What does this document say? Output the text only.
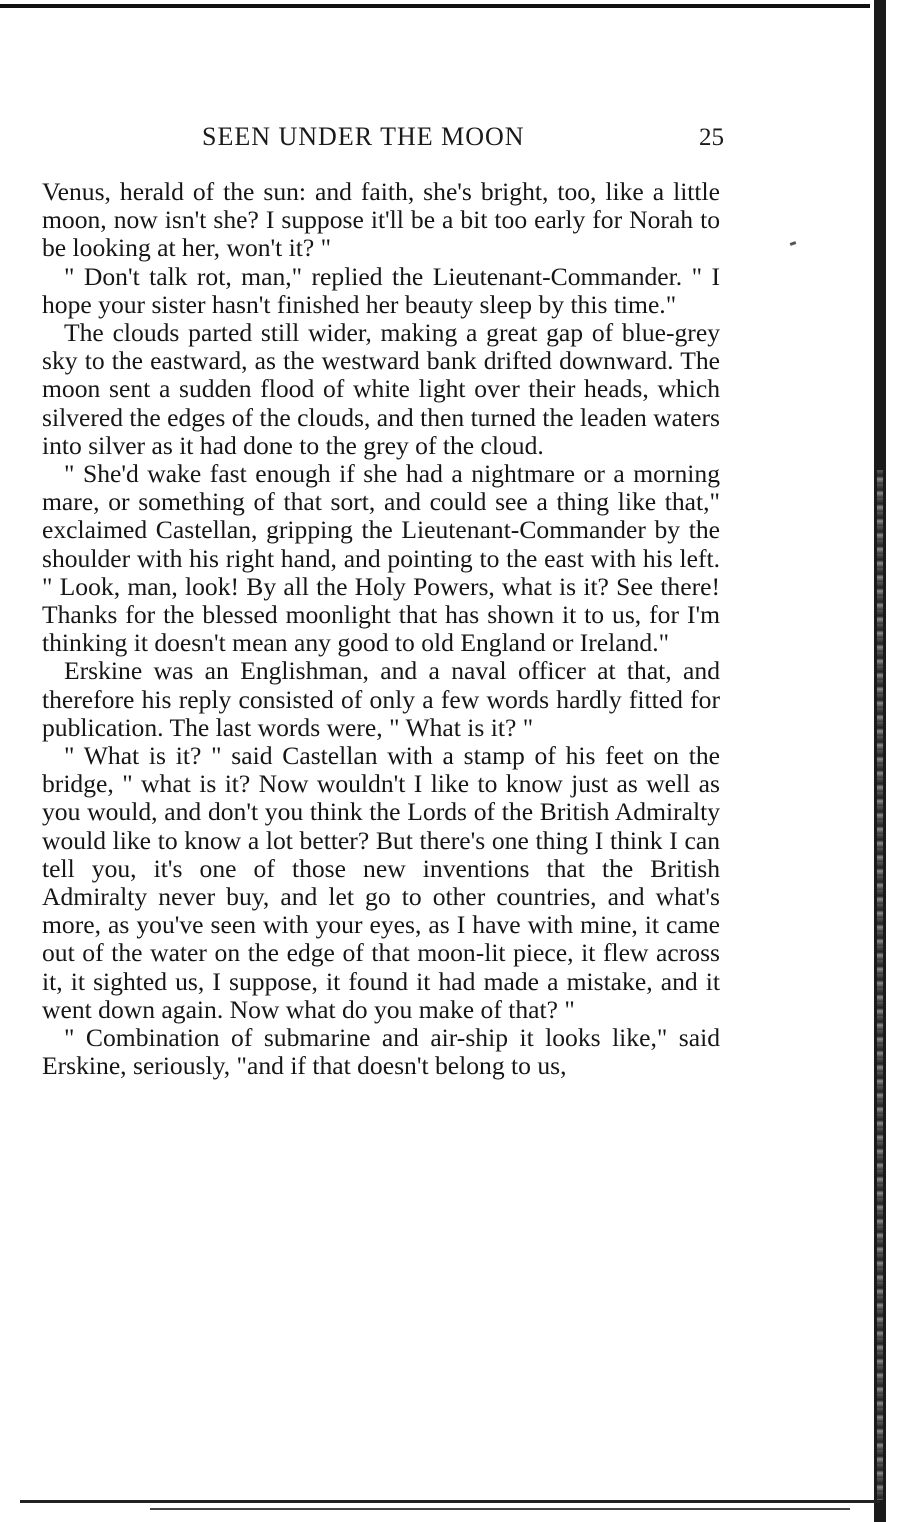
SEEN UNDER THE MOON	25

Venus, herald of the sun: and faith, she's bright, too, like a little moon, now isn't she? I suppose it'll be a bit too early for Norah to be looking at her, won't it? "

" Don't talk rot, man," replied the Lieutenant-Commander. " I hope your sister hasn't finished her beauty sleep by this time."

The clouds parted still wider, making a great gap of blue-grey sky to the eastward, as the westward bank drifted downward. The moon sent a sudden flood of white light over their heads, which silvered the edges of the clouds, and then turned the leaden waters into silver as it had done to the grey of the cloud.

" She'd wake fast enough if she had a nightmare or a morning mare, or something of that sort, and could see a thing like that," exclaimed Castellan, gripping the Lieutenant-Commander by the shoulder with his right hand, and pointing to the east with his left. " Look, man, look! By all the Holy Powers, what is it? See there! Thanks for the blessed moonlight that has shown it to us, for I'm thinking it doesn't mean any good to old England or Ireland."

Erskine was an Englishman, and a naval officer at that, and therefore his reply consisted of only a few words hardly fitted for publication. The last words were, " What is it? "

" What is it? " said Castellan with a stamp of his feet on the bridge, " what is it? Now wouldn't I like to know just as well as you would, and don't you think the Lords of the British Admiralty would like to know a lot better? But there's one thing I think I can tell you, it's one of those new inventions that the British Admiralty never buy, and let go to other countries, and what's more, as you've seen with your eyes, as I have with mine, it came out of the water on the edge of that moon-lit piece, it flew across it, it sighted us, I suppose, it found it had made a mistake, and it went down again. Now what do you make of that? "

" Combination of submarine and air-ship it looks like," said Erskine, seriously, "and if that doesn't belong to us,
